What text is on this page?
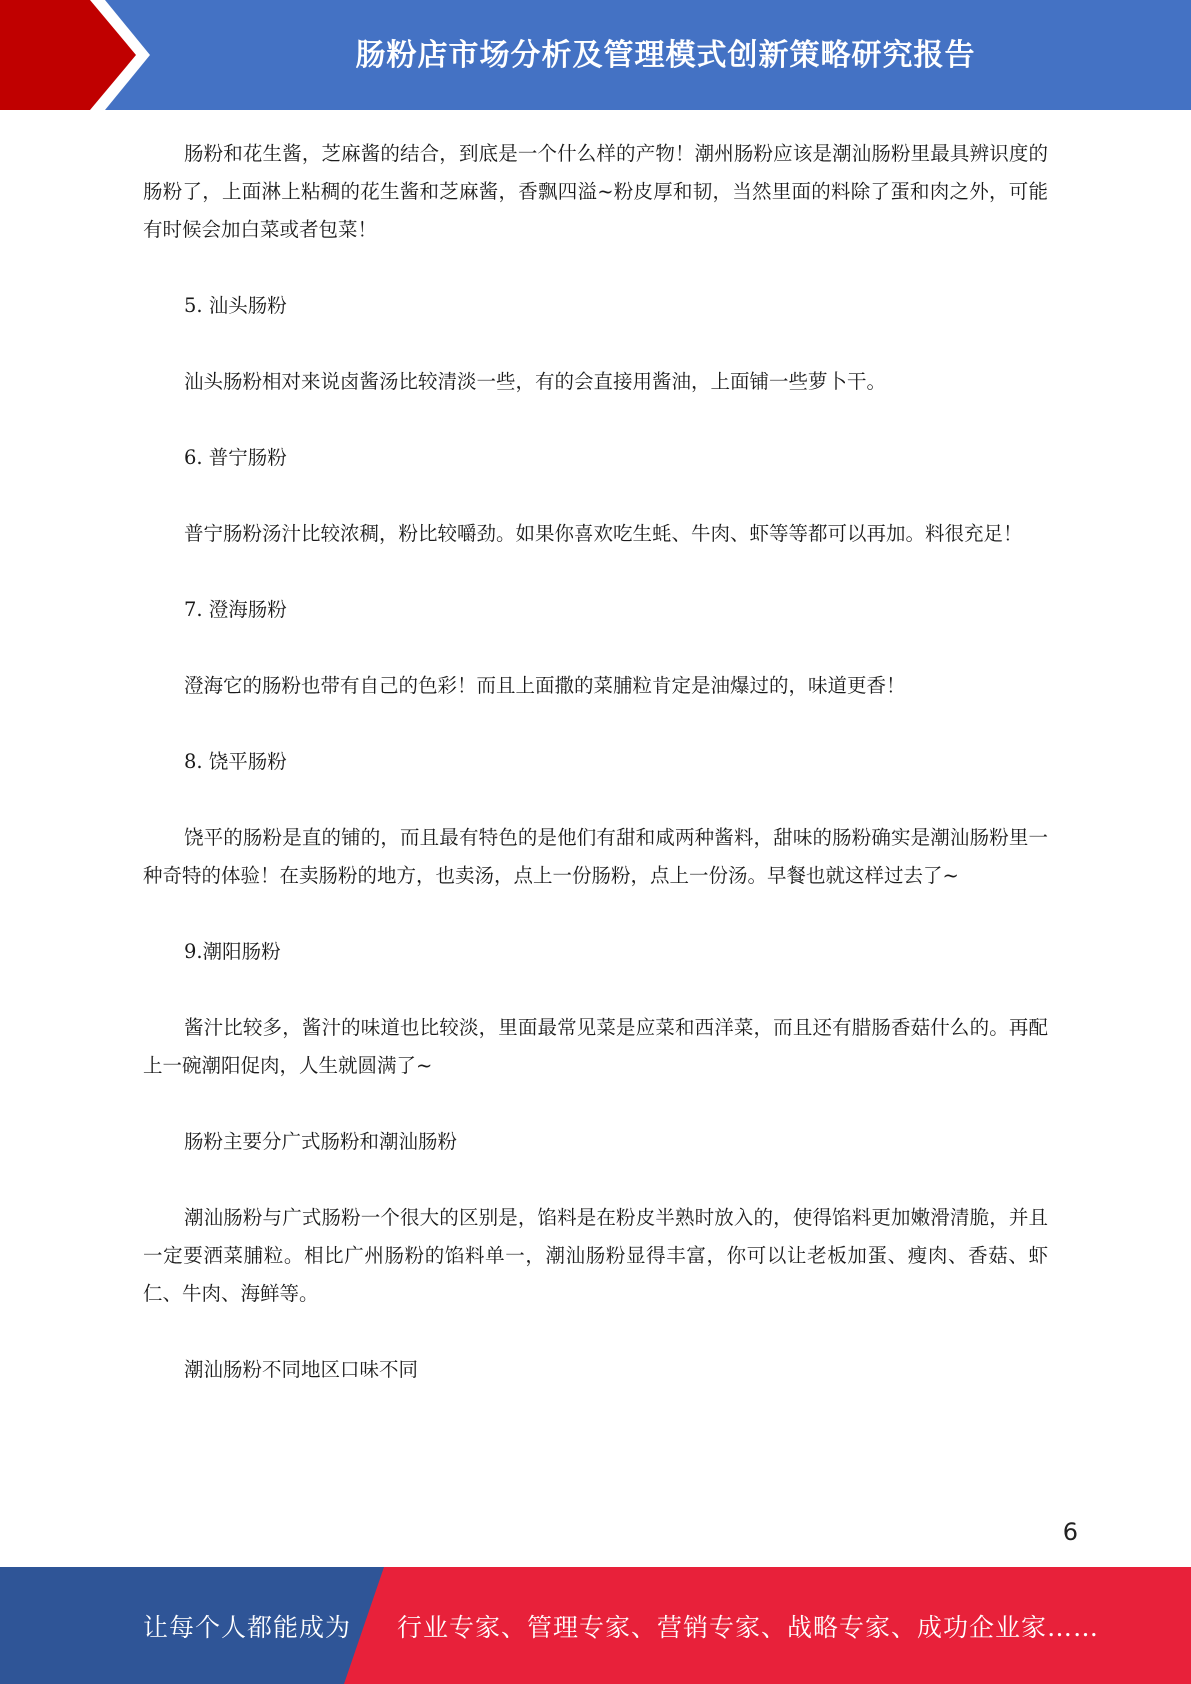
肠粉店市场分析及管理模式创新策略研究报告

肠粉和花生酱，芝麻酱的结合，到底是一个什么样的产物！潮州肠粉应该是潮汕肠粉里最具辨识度的肠粉了，上面淋上粘稠的花生酱和芝麻酱，香飘四溢~粉皮厚和韧，当然里面的料除了蛋和肉之外，可能有时候会加白菜或者包菜！

5. 汕头肠粉

汕头肠粉相对来说卤酱汤比较清淡一些，有的会直接用酱油，上面铺一些萝卜干。

6. 普宁肠粉

普宁肠粉汤汁比较浓稠，粉比较嚼劲。如果你喜欢吃生蚝、牛肉、虾等等都可以再加。料很充足！

7. 澄海肠粉

澄海它的肠粉也带有自己的色彩！而且上面撒的菜脯粒肯定是油爆过的，味道更香！

8. 饶平肠粉

饶平的肠粉是直的铺的，而且最有特色的是他们有甜和咸两种酱料，甜味的肠粉确实是潮汕肠粉里一种奇特的体验！在卖肠粉的地方，也卖汤，点上一份肠粉，点上一份汤。早餐也就这样过去了~

9.潮阳肠粉

酱汁比较多，酱汁的味道也比较淡，里面最常见菜是应菜和西洋菜，而且还有腊肠香菇什么的。再配上一碗潮阳促肉，人生就圆满了~

肠粉主要分广式肠粉和潮汕肠粉

潮汕肠粉与广式肠粉一个很大的区别是，馅料是在粉皮半熟时放入的，使得馅料更加嫩滑清脆，并且一定要洒菜脯粒。相比广州肠粉的馅料单一，潮汕肠粉显得丰富，你可以让老板加蛋、瘦肉、香菇、虾仁、牛肉、海鲜等。

潮汕肠粉不同地区口味不同

6
让每个人都能成为 行业专家、管理专家、营销专家、战略专家、成功企业家……
